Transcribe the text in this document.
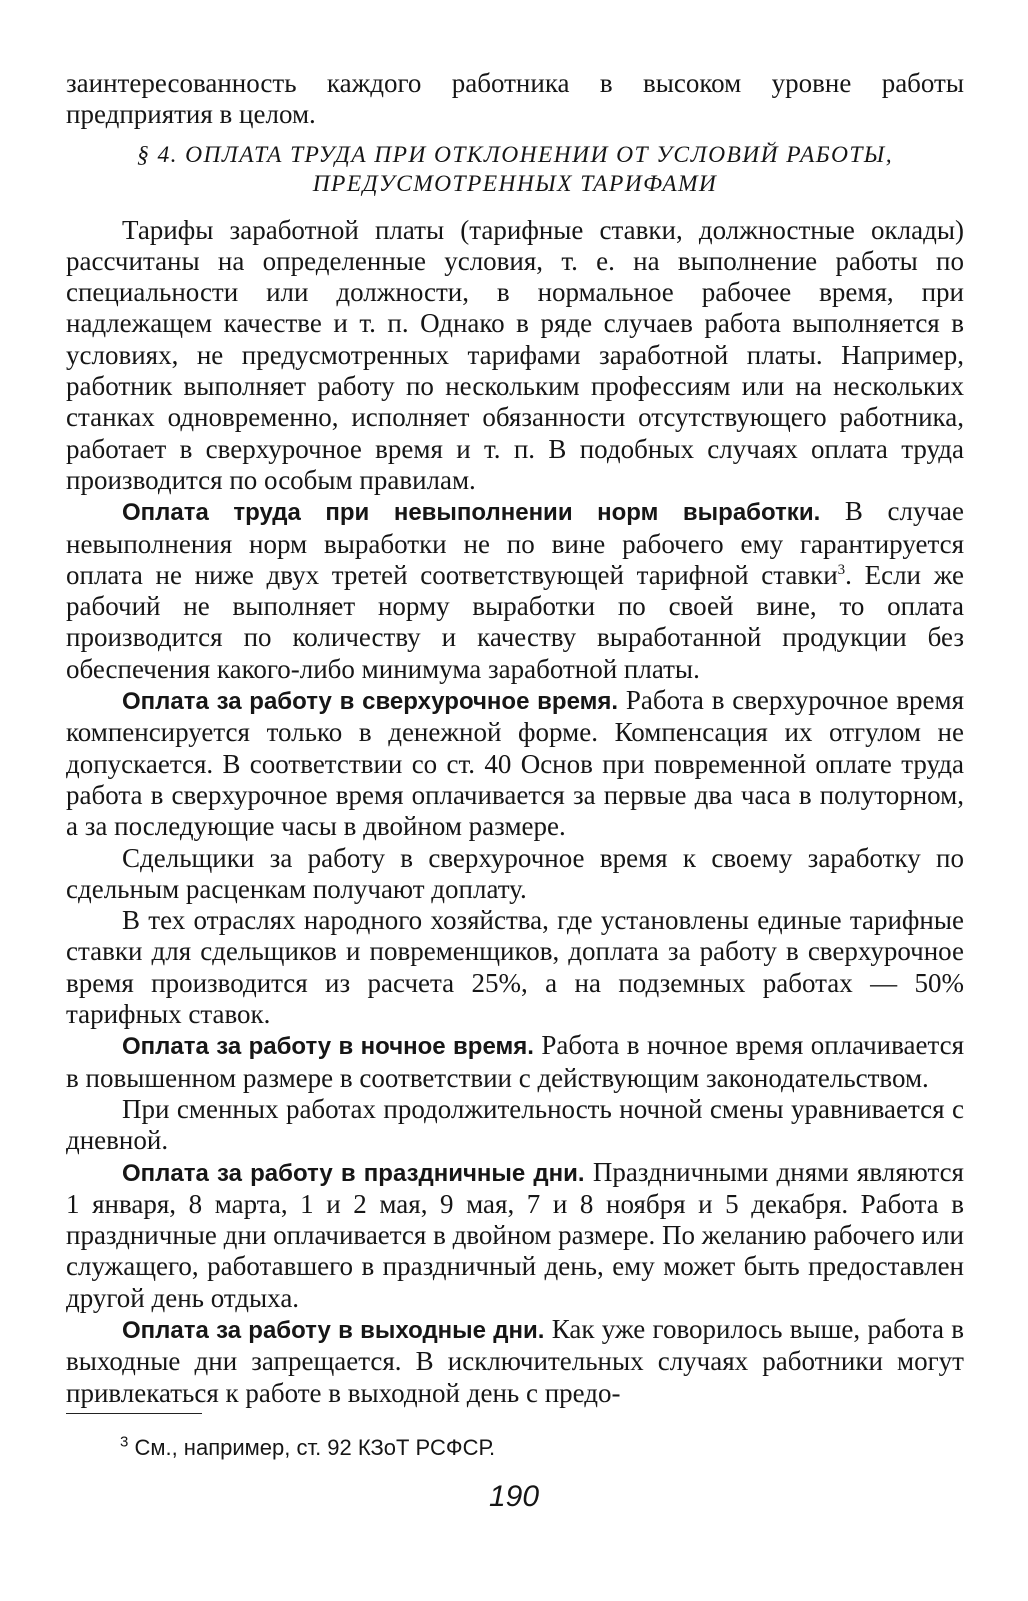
заинтересованность каждого работника в высоком уровне работы предприятия в целом.

§ 4. ОПЛАТА ТРУДА ПРИ ОТКЛОНЕНИИ ОТ УСЛОВИЙ РАБОТЫ,
ПРЕДУСМОТРЕННЫХ ТАРИФАМИ

Тарифы заработной платы (тарифные ставки, должностные оклады) рассчитаны на определенные условия, т. е. на выполнение работы по специальности или должности, в нормальное рабочее время, при надлежащем качестве и т. п. Однако в ряде случаев работа выполняется в условиях, не предусмотренных тарифами заработной платы. Например, работник выполняет работу по нескольким профессиям или на нескольких станках одновременно, исполняет обязанности отсутствующего работника, работает в сверхурочное время и т. п. В подобных случаях оплата труда производится по особым правилам.

Оплата труда при невыполнении норм выработки. В случае невыполнения норм выработки не по вине рабочего ему гарантируется оплата не ниже двух третей соответствующей тарифной ставки$^3$. Если же рабочий не выполняет норму выработки по своей вине, то оплата производится по количеству и качеству выработанной продукции без обеспечения какого-либо минимума заработной платы.

Оплата за работу в сверхурочное время. Работа в сверхурочное время компенсируется только в денежной форме. Компенсация их отгулом не допускается. В соответствии со ст. 40 Основ при повременной оплате труда работа в сверхурочное время оплачивается за первые два часа в полуторном, а за последующие часы в двойном размере.

Сдельщики за работу в сверхурочное время к своему заработку по сдельным расценкам получают доплату.

В тех отраслях народного хозяйства, где установлены единые тарифные ставки для сдельщиков и повременщиков, доплата за работу в сверхурочное время производится из расчета 25%, а на подземных работах — 50% тарифных ставок.

Оплата за работу в ночное время. Работа в ночное время оплачивается в повышенном размере в соответствии с действующим законодательством.

При сменных работах продолжительность ночной смены уравнивается с дневной.

Оплата за работу в праздничные дни. Праздничными днями являются 1 января, 8 марта, 1 и 2 мая, 9 мая, 7 и 8 ноября и 5 декабря. Работа в праздничные дни оплачивается в двойном размере. По желанию рабочего или служащего, работавшего в праздничный день, ему может быть предоставлен другой день отдыха.

Оплата за работу в выходные дни. Как уже говорилось выше, работа в выходные дни запрещается. В исключительных случаях работники могут привлекаться к работе в выходной день с предо-

$^3$ См., например, ст. 92 КЗоТ РСФСР.
190
